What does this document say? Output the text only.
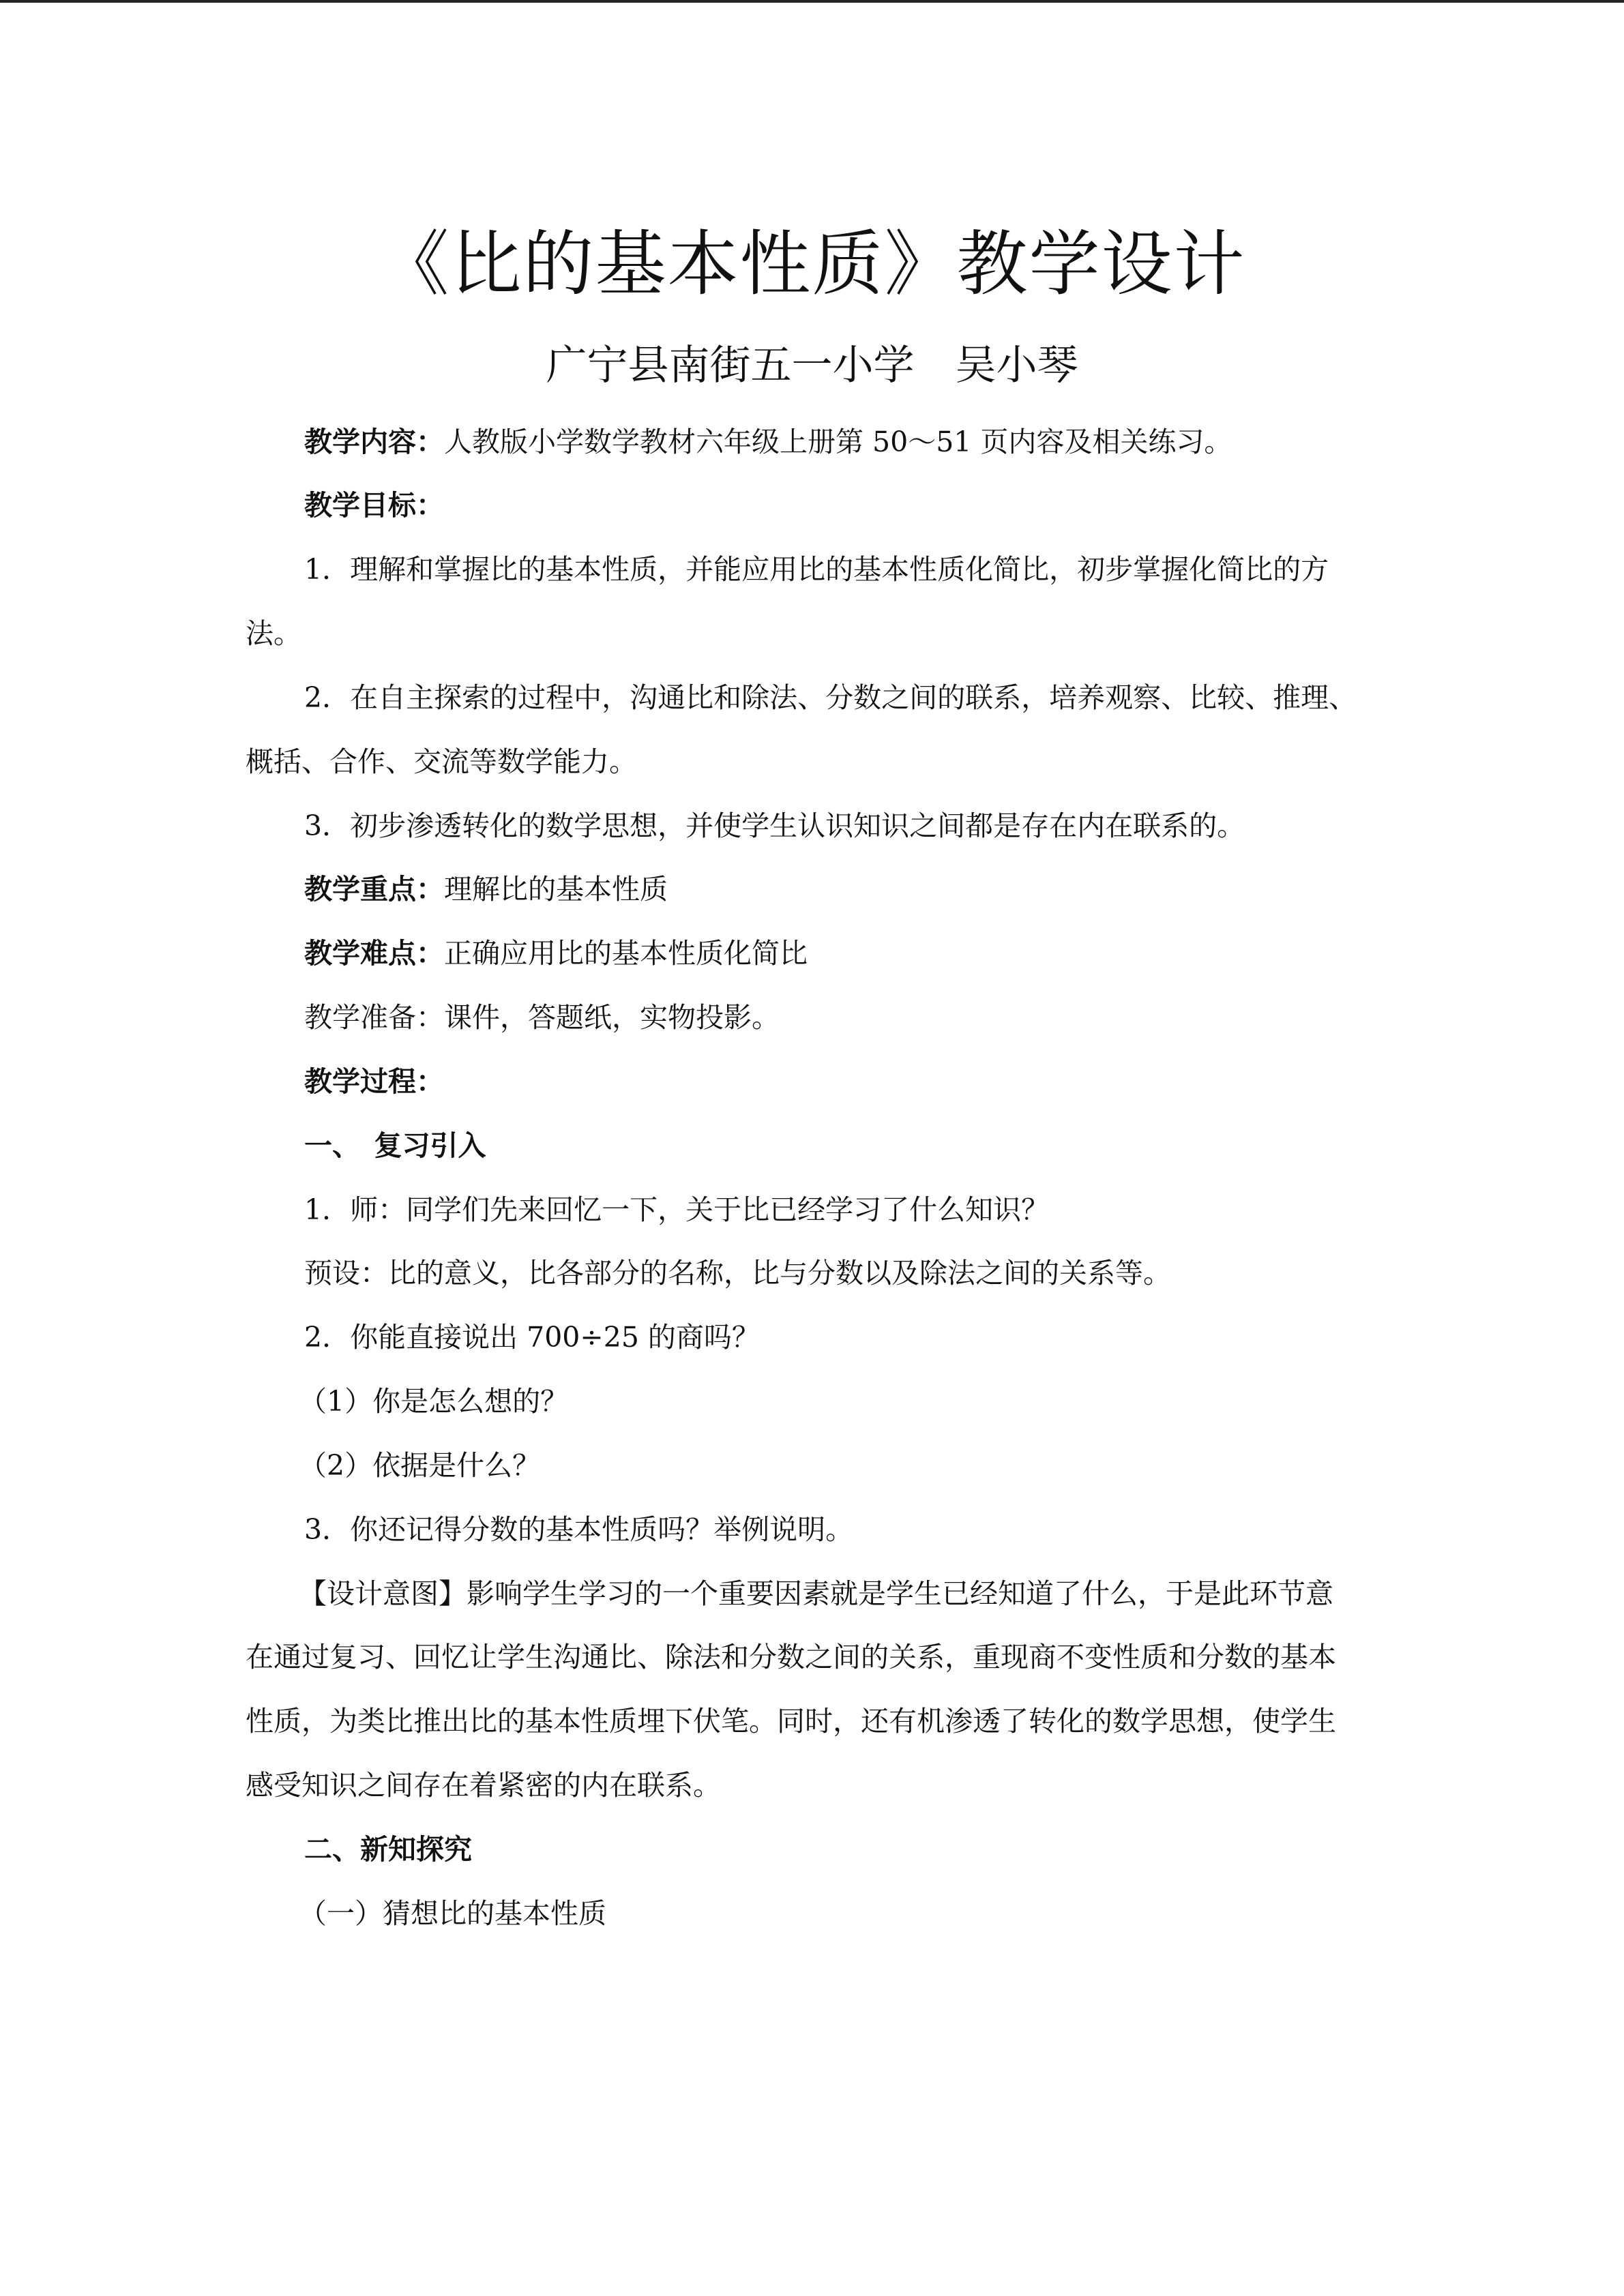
《比的基本性质》教学设计
广宁县南街五一小学 吴小琴
教学内容：人教版小学数学教材六年级上册第 50～51 页内容及相关练习。
教学目标：
1．理解和掌握比的基本性质，并能应用比的基本性质化简比，初步掌握化简比的方
法。
2．在自主探索的过程中，沟通比和除法、分数之间的联系，培养观察、比较、推理、
概括、合作、交流等数学能力。
3．初步渗透转化的数学思想，并使学生认识知识之间都是存在内在联系的。
教学重点：理解比的基本性质
教学难点：正确应用比的基本性质化简比
教学准备：课件，答题纸，实物投影。
教学过程：
一、　复习引入
1．师：同学们先来回忆一下，关于比已经学习了什么知识？
预设：比的意义，比各部分的名称，比与分数以及除法之间的关系等。
2．你能直接说出 700÷25 的商吗？
（1）你是怎么想的？
（2）依据是什么？
3．你还记得分数的基本性质吗？举例说明。
【设计意图】影响学生学习的一个重要因素就是学生已经知道了什么，于是此环节意
在通过复习、回忆让学生沟通比、除法和分数之间的关系，重现商不变性质和分数的基本
性质，为类比推出比的基本性质埋下伏笔。同时，还有机渗透了转化的数学思想，使学生
感受知识之间存在着紧密的内在联系。
二、新知探究
（一）猜想比的基本性质
